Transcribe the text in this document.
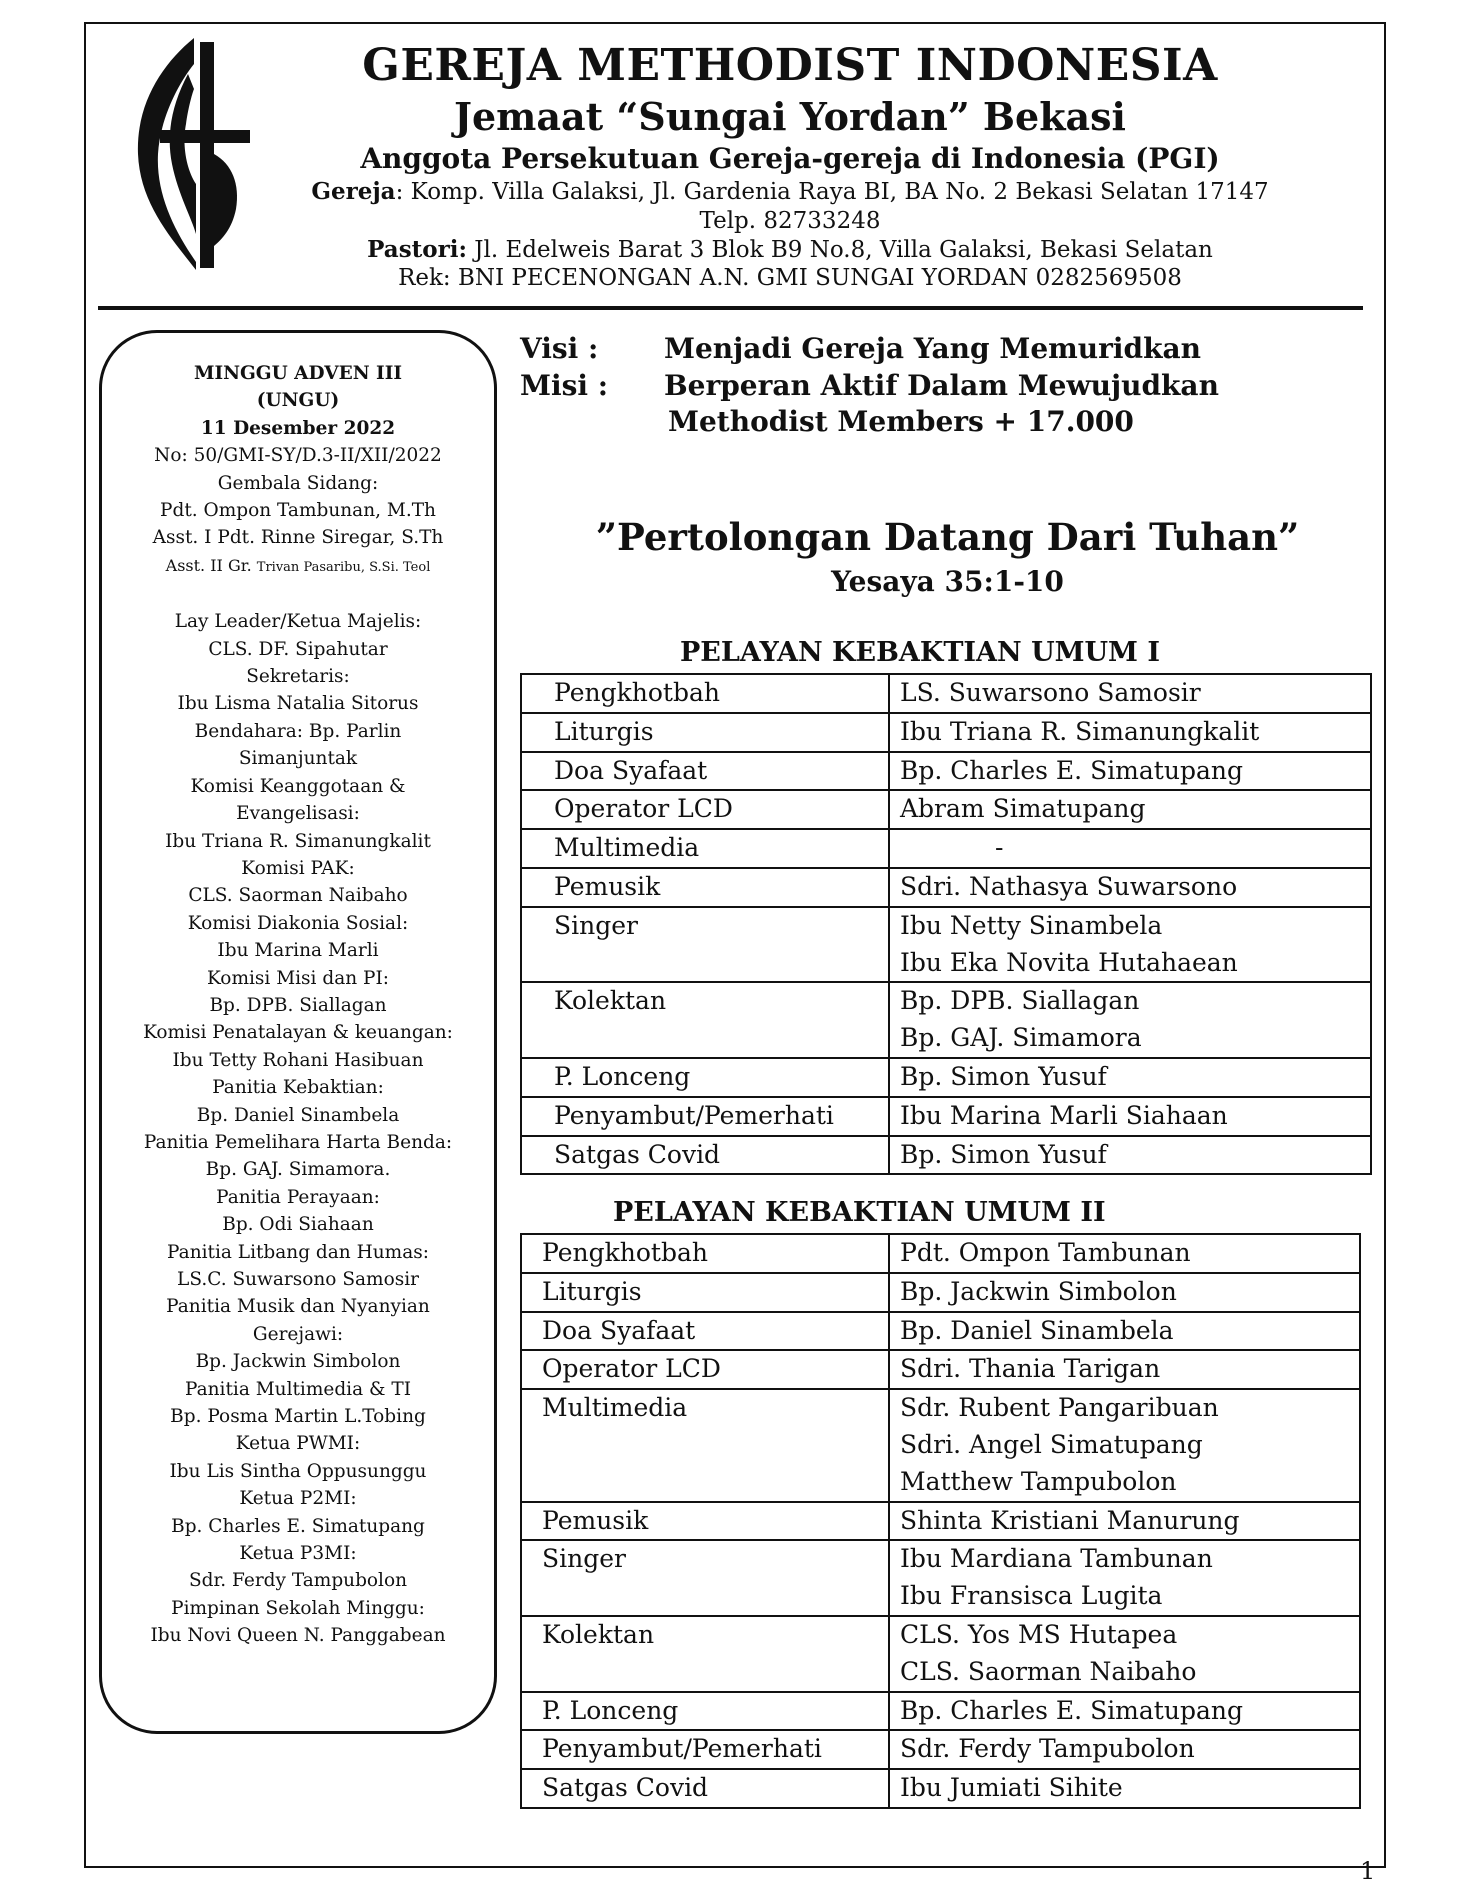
GEREJA METHODIST INDONESIA
Jemaat “Sungai Yordan” Bekasi
Anggota Persekutuan Gereja-gereja di Indonesia (PGI)
Gereja: Komp. Villa Galaksi, Jl. Gardenia Raya BI, BA No. 2 Bekasi Selatan 17147
Telp. 82733248
Pastori: Jl. Edelweis Barat 3 Blok B9 No.8, Villa Galaksi, Bekasi Selatan
Rek: BNI PECENONGAN A.N. GMI SUNGAI YORDAN 0282569508
MINGGU ADVEN III
(UNGU)
11 Desember 2022
No: 50/GMI-SY/D.3-II/XII/2022
Gembala Sidang:
Pdt. Ompon Tambunan, M.Th
Asst. I Pdt. Rinne Siregar, S.Th
Asst. II Gr. Trivan Pasaribu, S.Si. Teol
Lay Leader/Ketua Majelis:
CLS. DF. Sipahutar
Sekretaris:
Ibu Lisma Natalia Sitorus
Bendahara: Bp. Parlin
Simanjuntak
Komisi Keanggotaan &
Evangelisasi:
Ibu Triana R. Simanungkalit
Komisi PAK:
CLS. Saorman Naibaho
Komisi Diakonia Sosial:
Ibu Marina Marli
Komisi Misi dan PI:
Bp. DPB. Siallagan
Komisi Penatalayan & keuangan:
Ibu Tetty Rohani Hasibuan
Panitia Kebaktian:
Bp. Daniel Sinambela
Panitia Pemelihara Harta Benda:
Bp. GAJ. Simamora.
Panitia Perayaan:
Bp. Odi Siahaan
Panitia Litbang dan Humas:
LS.C. Suwarsono Samosir
Panitia Musik dan Nyanyian
Gerejawi:
Bp. Jackwin Simbolon
Panitia Multimedia & TI
Bp. Posma Martin L.Tobing
Ketua PWMI:
Ibu Lis Sintha Oppusunggu
Ketua P2MI:
Bp. Charles E. Simatupang
Ketua P3MI:
Sdr. Ferdy Tampubolon
Pimpinan Sekolah Minggu:
Ibu Novi Queen N. Panggabean
Visi : Menjadi Gereja Yang Memuridkan
Misi : Berperan Aktif Dalam Mewujudkan
Methodist Members + 17.000
”Pertolongan Datang Dari Tuhan”
Yesaya 35:1-10
PELAYAN KEBAKTIAN UMUM I
Pengkhotbah	LS. Suwarsono Samosir

Liturgis	Ibu Triana R. Simanungkalit

Doa Syafaat	Bp. Charles E. Simatupang

Operator LCD	Abram Simatupang

Multimedia	-

Pemusik	Sdri. Nathasya Suwarsono

Singer	Ibu Netty Sinambela
Ibu Eka Novita Hutahaean

Kolektan	Bp. DPB. Siallagan
Bp. GAJ. Simamora

P. Lonceng	Bp. Simon Yusuf

Penyambut/Pemerhati	Ibu Marina Marli Siahaan

Satgas Covid	Bp. Simon Yusuf
PELAYAN KEBAKTIAN UMUM II
Pengkhotbah	Pdt. Ompon Tambunan

Liturgis	Bp. Jackwin Simbolon

Doa Syafaat	Bp. Daniel Sinambela

Operator LCD	Sdri. Thania Tarigan

Multimedia	Sdr. Rubent Pangaribuan
Sdri. Angel Simatupang
Matthew Tampubolon

Pemusik	Shinta Kristiani Manurung

Singer	Ibu Mardiana Tambunan
Ibu Fransisca Lugita

Kolektan	CLS. Yos MS Hutapea
CLS. Saorman Naibaho

P. Lonceng	Bp. Charles E. Simatupang

Penyambut/Pemerhati	Sdr. Ferdy Tampubolon

Satgas Covid	Ibu Jumiati Sihite
1
